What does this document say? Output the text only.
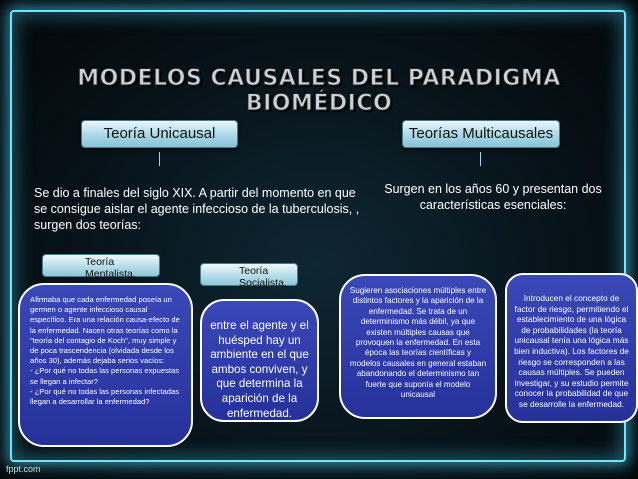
MODELOS CAUSALES DEL PARADIGMA BIOMÉDICO
Teoría Unicausal	Teorías Multicausales
Se dio a finales del siglo XIX. A partir del momento en que se consigue aislar el agente infeccioso de la tuberculosis, , surgen dos teorías:
Surgen en los años 60 y presentan dos características esenciales:
Teoría Mentalista.	Teoría Socialista.

Afirmaba que cada enfermedad poseía un germen o agente infeccioso causal específico. Era una relación causa-efecto de la enfermedad. Nacen otras teorías como la "teoría del contagio de Koch", muy simple y de poca trascendencia (olvidada desde los años 30), además dejaba serios vacíos:

- ¿Por qué no todas las personas expuestas se llegan a infectar?

- ¿Por qué no todas las personas infectadas llegan a desarrollar la enfermedad?

entre el agente y el huésped hay un ambiente en el que ambos conviven, y que determina la aparición de la enfermedad.
Sugieren asociaciones múltiples entre distintos factores y la aparición de la enfermedad. Se trata de un determinismo más débil, ya que existen múltiples causas que provoquen la enfermedad. En esta época las teorías científicas y modelos causales en general estaban abandonando el determinismo tan fuerte que suponía el modelo unicausal
Introducen el concepto de factor de riesgo, permitiendo el establecimiento de una lógica de probabilidades (la teoría unicausal tenía una lógica más bien inductiva). Los factores de riesgo se corresponden a las causas múltiples. Se pueden investigar, y su estudio permite conocer la probabilidad de que se desarrolle la enfermedad.
fppt.com
